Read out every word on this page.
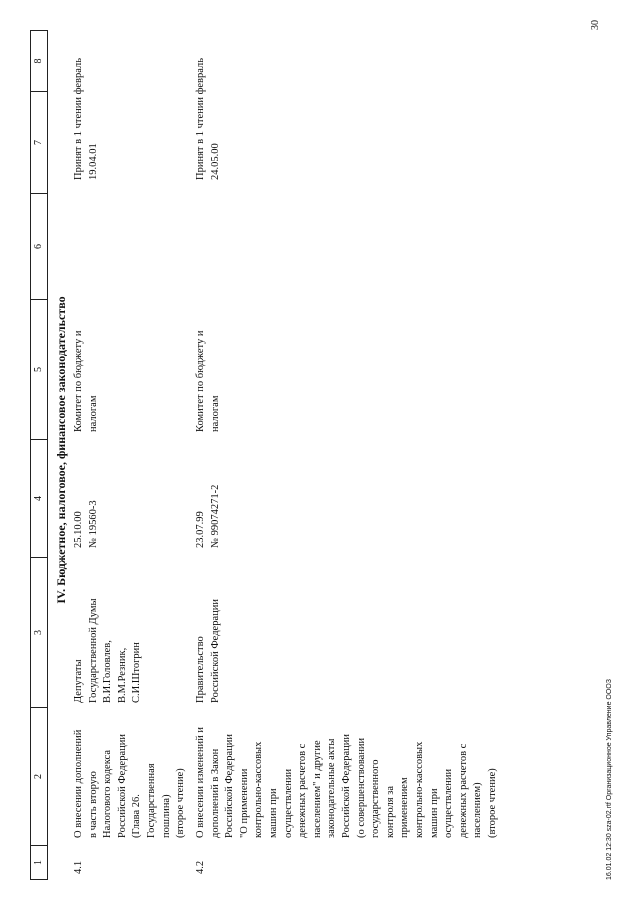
1
2
3
4
5
6
7
8
IV. Бюджетное, налоговое, финансовое законодательство
4.1
О внесении дополнений
в часть вторую
Налогового кодекса
Российской Федерации
(Глава 26.
Государственная
пошлина)
(второе чтение)
Депутаты
Государственной Думы
В.И.Головлев,
В.М.Резник,
С.И.Штогрин
25.10.00
№ 19560-3
Комитет по бюджету и
налогам
Принят в 1 чтении февраль
19.04.01
4.2
О внесении изменений и
дополнений в Закон
Российской Федерации
"О применении
контрольно-кассовых
машин при
осуществлении
денежных расчетов с
населением" и другие
законодательные акты
Российской Федерации
(о совершенствовании
государственного
контроля за
применением
контрольно-кассовых
машин при
осуществлении
денежных расчетов с
населением)
(второе чтение)
Правительство
Российской Федерации
23.07.99
№ 99074271-2
Комитет по бюджету и
налогам
Принят в 1 чтении февраль
24.05.00
16.01.02 12:30 sza-02.rtf Организационное Управление ОООЗ
30
